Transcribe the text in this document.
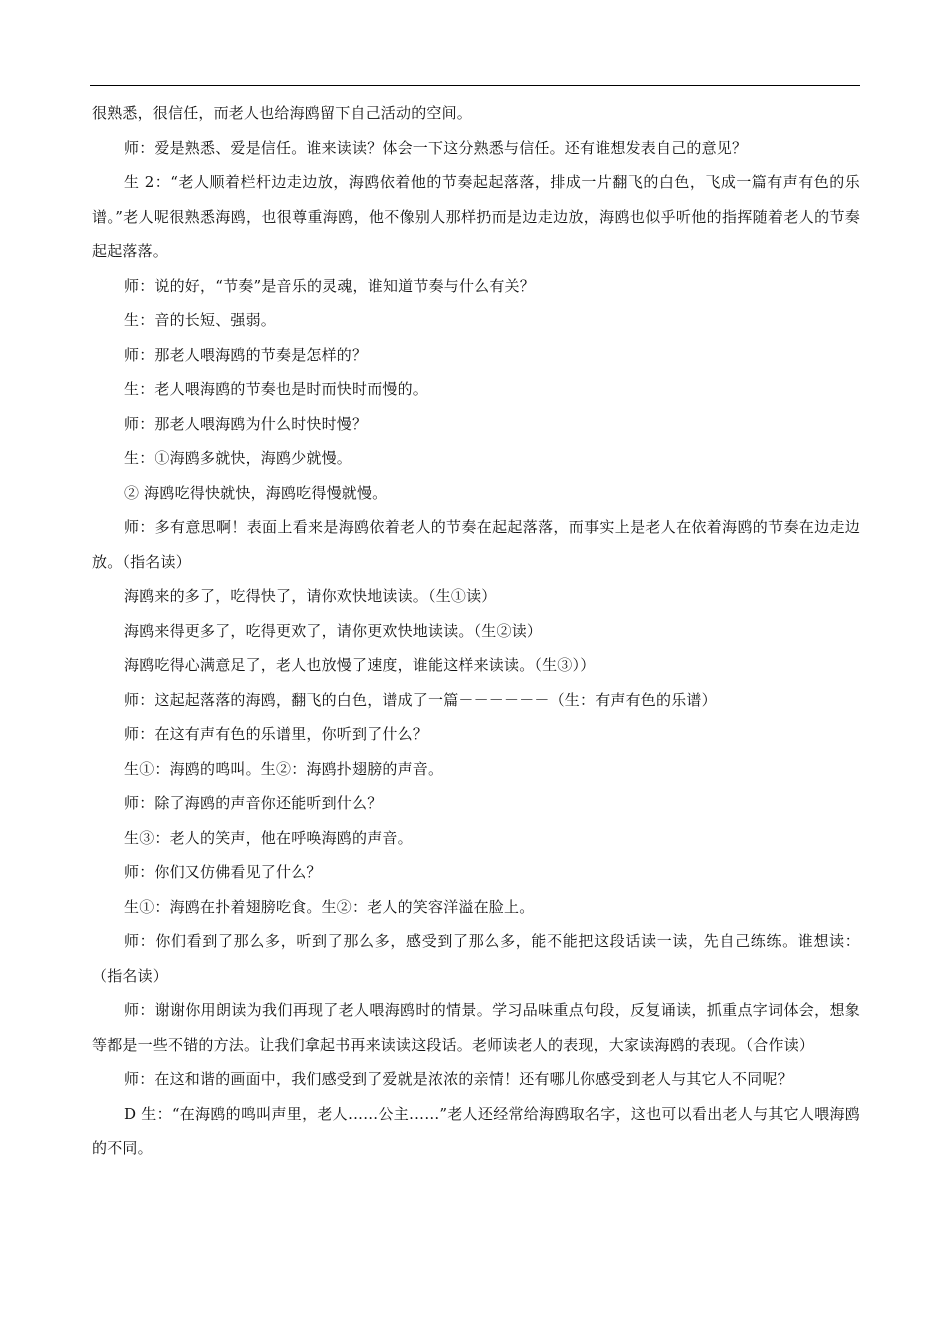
很熟悉，很信任，而老人也给海鸥留下自己活动的空间。

师：爱是熟悉、爱是信任。谁来读读？体会一下这分熟悉与信任。还有谁想发表自己的意见？

生 2：“老人顺着栏杆边走边放，海鸥依着他的节奏起起落落，排成一片翻飞的白色，飞成一篇有声有色的乐谱。”老人呢很熟悉海鸥，也很尊重海鸥，他不像别人那样扔而是边走边放，海鸥也似乎听他的指挥随着老人的节奏起起落落。

师：说的好，“节奏”是音乐的灵魂，谁知道节奏与什么有关？

生：音的长短、强弱。

师：那老人喂海鸥的节奏是怎样的？

生：老人喂海鸥的节奏也是时而快时而慢的。

师：那老人喂海鸥为什么时快时慢？

生：①海鸥多就快，海鸥少就慢。

② 海鸥吃得快就快，海鸥吃得慢就慢。

师：多有意思啊！表面上看来是海鸥依着老人的节奏在起起落落，而事实上是老人在依着海鸥的节奏在边走边放。（指名读）

海鸥来的多了，吃得快了，请你欢快地读读。（生①读）

海鸥来得更多了，吃得更欢了，请你更欢快地读读。（生②读）

海鸥吃得心满意足了，老人也放慢了速度，谁能这样来读读。（生③））

师：这起起落落的海鸥，翻飞的白色，谱成了一篇－－－－－－（生：有声有色的乐谱）

师：在这有声有色的乐谱里，你听到了什么？

生①：海鸥的鸣叫。生②：海鸥扑翅膀的声音。

师：除了海鸥的声音你还能听到什么？

生③：老人的笑声，他在呼唤海鸥的声音。

师：你们又仿佛看见了什么？

生①：海鸥在扑着翅膀吃食。生②：老人的笑容洋溢在脸上。

师：你们看到了那么多，听到了那么多，感受到了那么多，能不能把这段话读一读，先自己练练。谁想读：（指名读）

师：谢谢你用朗读为我们再现了老人喂海鸥时的情景。学习品味重点句段，反复诵读，抓重点字词体会，想象等都是一些不错的方法。让我们拿起书再来读读这段话。老师读老人的表现，大家读海鸥的表现。（合作读）

师：在这和谐的画面中，我们感受到了爱就是浓浓的亲情！还有哪儿你感受到老人与其它人不同呢？

D 生：“在海鸥的鸣叫声里，老人……公主……”老人还经常给海鸥取名字，这也可以看出老人与其它人喂海鸥的不同。
